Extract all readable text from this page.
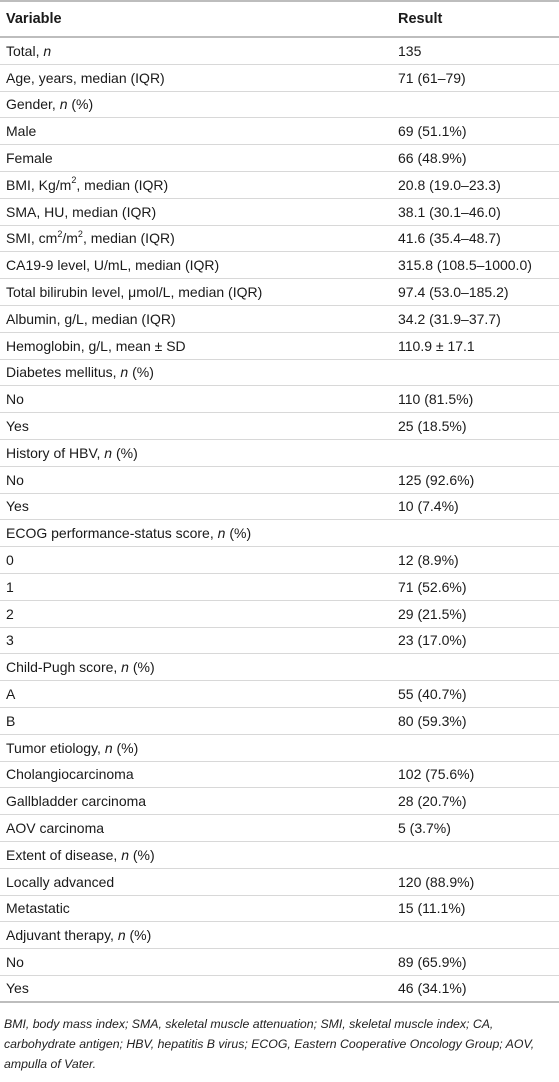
Variable	Result
Total, n	135
Age, years, median (IQR)	71 (61–79)
Gender, n (%)
Male	69 (51.1%)
Female	66 (48.9%)
BMI, $Kg/m^2$, median (IQR)	20.8 (19.0–23.3)
SMA, HU, median (IQR)	38.1 (30.1–46.0)
SMI, $cm^2/m^2$, median (IQR)	41.6 (35.4–48.7)
CA19-9 level, U/mL, median (IQR)	315.8 (108.5–1000.0)
Total bilirubin level, μmol/L, median (IQR)	97.4 (53.0–185.2)
Albumin, g/L, median (IQR)	34.2 (31.9–37.7)
Hemoglobin, g/L, mean ± SD	110.9 ± 17.1
Diabetes mellitus, n (%)
No	110 (81.5%)
Yes	25 (18.5%)
History of HBV, n (%)
No	125 (92.6%)
Yes	10 (7.4%)
ECOG performance-status score, n (%)
0	12 (8.9%)
1	71 (52.6%)
2	29 (21.5%)
3	23 (17.0%)
Child-Pugh score, n (%)
A	55 (40.7%)
B	80 (59.3%)
Tumor etiology, n (%)
Cholangiocarcinoma	102 (75.6%)
Gallbladder carcinoma	28 (20.7%)
AOV carcinoma	5 (3.7%)
Extent of disease, n (%)
Locally advanced	120 (88.9%)
Metastatic	15 (11.1%)
Adjuvant therapy, n (%)
No	89 (65.9%)
Yes	46 (34.1%)
BMI, body mass index; SMA, skeletal muscle attenuation; SMI, skeletal muscle index; CA, carbohydrate antigen; HBV, hepatitis B virus; ECOG, Eastern Cooperative Oncology Group; AOV, ampulla of Vater.
